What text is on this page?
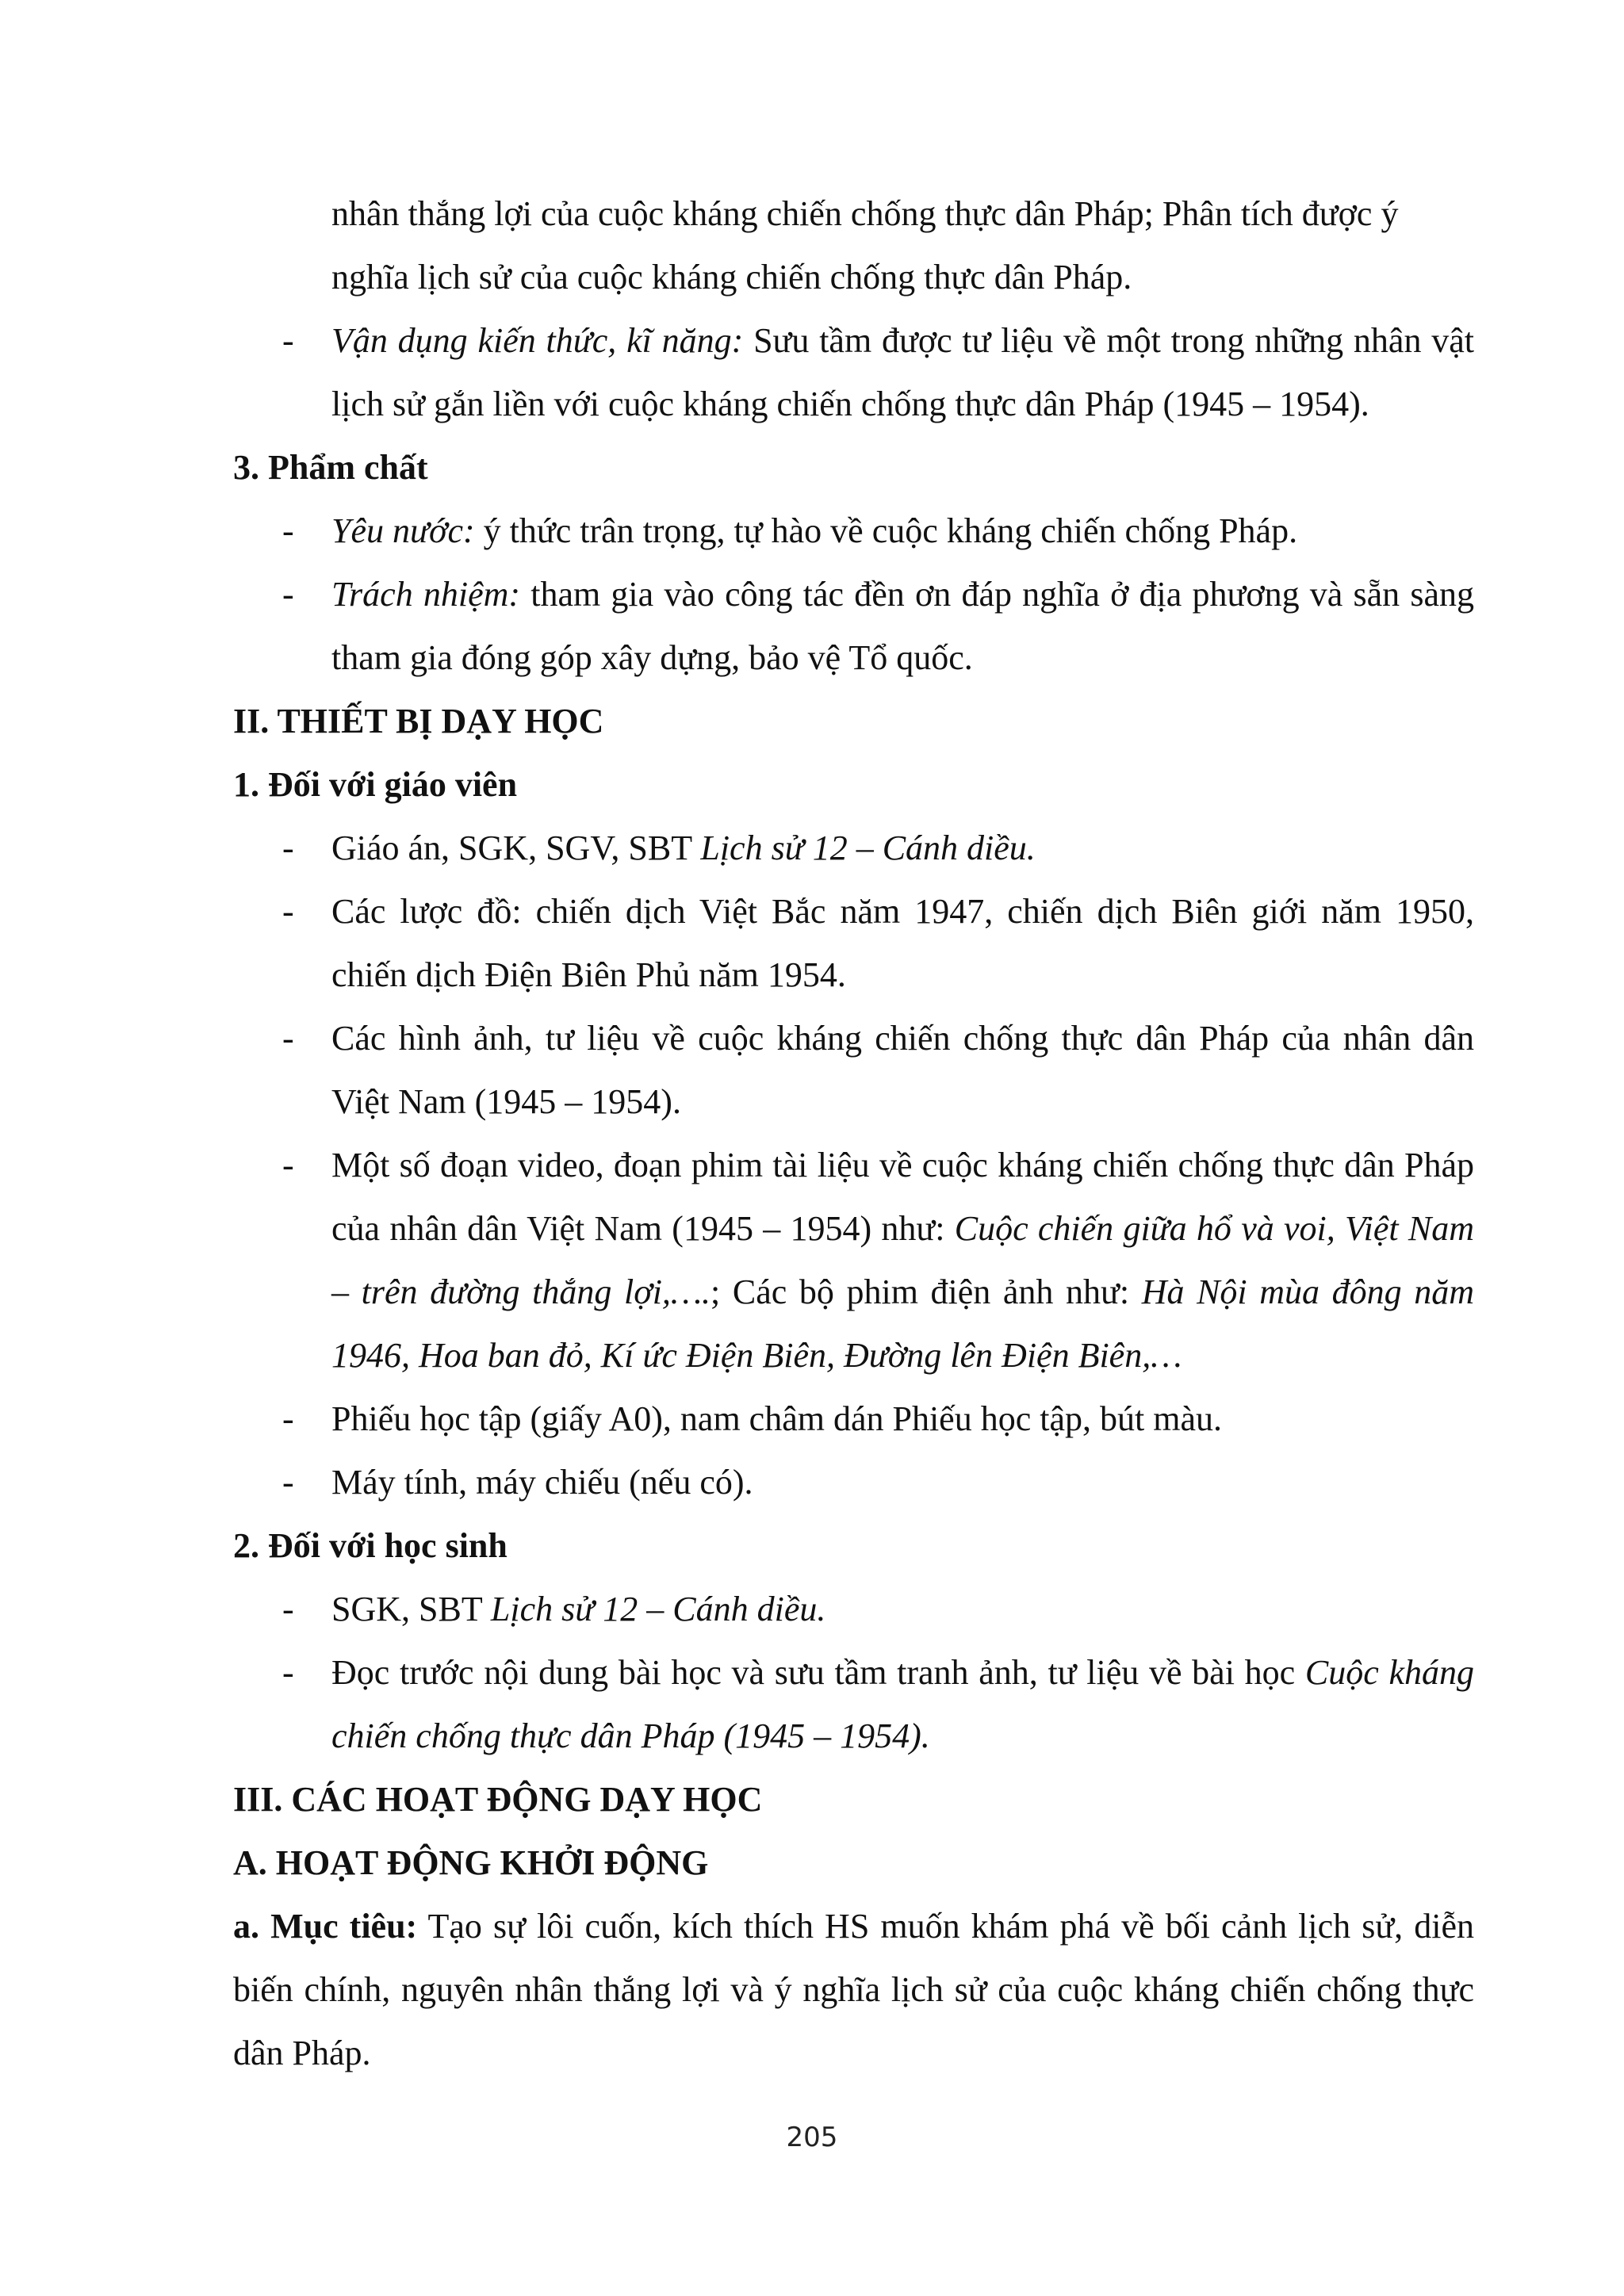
nhân thắng lợi của cuộc kháng chiến chống thực dân Pháp; Phân tích được ý
nghĩa lịch sử của cuộc kháng chiến chống thực dân Pháp.
- Vận dụng kiến thức, kĩ năng: Sưu tầm được tư liệu về một trong những nhân vật lịch sử gắn liền với cuộc kháng chiến chống thực dân Pháp (1945 – 1954).
3. Phẩm chất
- Yêu nước: ý thức trân trọng, tự hào về cuộc kháng chiến chống Pháp.
- Trách nhiệm: tham gia vào công tác đền ơn đáp nghĩa ở địa phương và sẵn sàng tham gia đóng góp xây dựng, bảo vệ Tổ quốc.
II. THIẾT BỊ DẠY HỌC
1. Đối với giáo viên
- Giáo án, SGK, SGV, SBT Lịch sử 12 – Cánh diều.
- Các lược đồ: chiến dịch Việt Bắc năm 1947, chiến dịch Biên giới năm 1950, chiến dịch Điện Biên Phủ năm 1954.
- Các hình ảnh, tư liệu về cuộc kháng chiến chống thực dân Pháp của nhân dân Việt Nam (1945 – 1954).
- Một số đoạn video, đoạn phim tài liệu về cuộc kháng chiến chống thực dân Pháp của nhân dân Việt Nam (1945 – 1954) như: Cuộc chiến giữa hổ và voi, Việt Nam – trên đường thắng lợi,….; Các bộ phim điện ảnh như: Hà Nội mùa đông năm 1946, Hoa ban đỏ, Kí ức Điện Biên, Đường lên Điện Biên,…
- Phiếu học tập (giấy A0), nam châm dán Phiếu học tập, bút màu.
- Máy tính, máy chiếu (nếu có).
2. Đối với học sinh
- SGK, SBT Lịch sử 12 – Cánh diều.
- Đọc trước nội dung bài học và sưu tầm tranh ảnh, tư liệu về bài học Cuộc kháng chiến chống thực dân Pháp (1945 – 1954).
III. CÁC HOẠT ĐỘNG DẠY HỌC
A. HOẠT ĐỘNG KHỞI ĐỘNG
a. Mục tiêu: Tạo sự lôi cuốn, kích thích HS muốn khám phá về bối cảnh lịch sử, diễn biến chính, nguyên nhân thắng lợi và ý nghĩa lịch sử của cuộc kháng chiến chống thực dân Pháp.
205
